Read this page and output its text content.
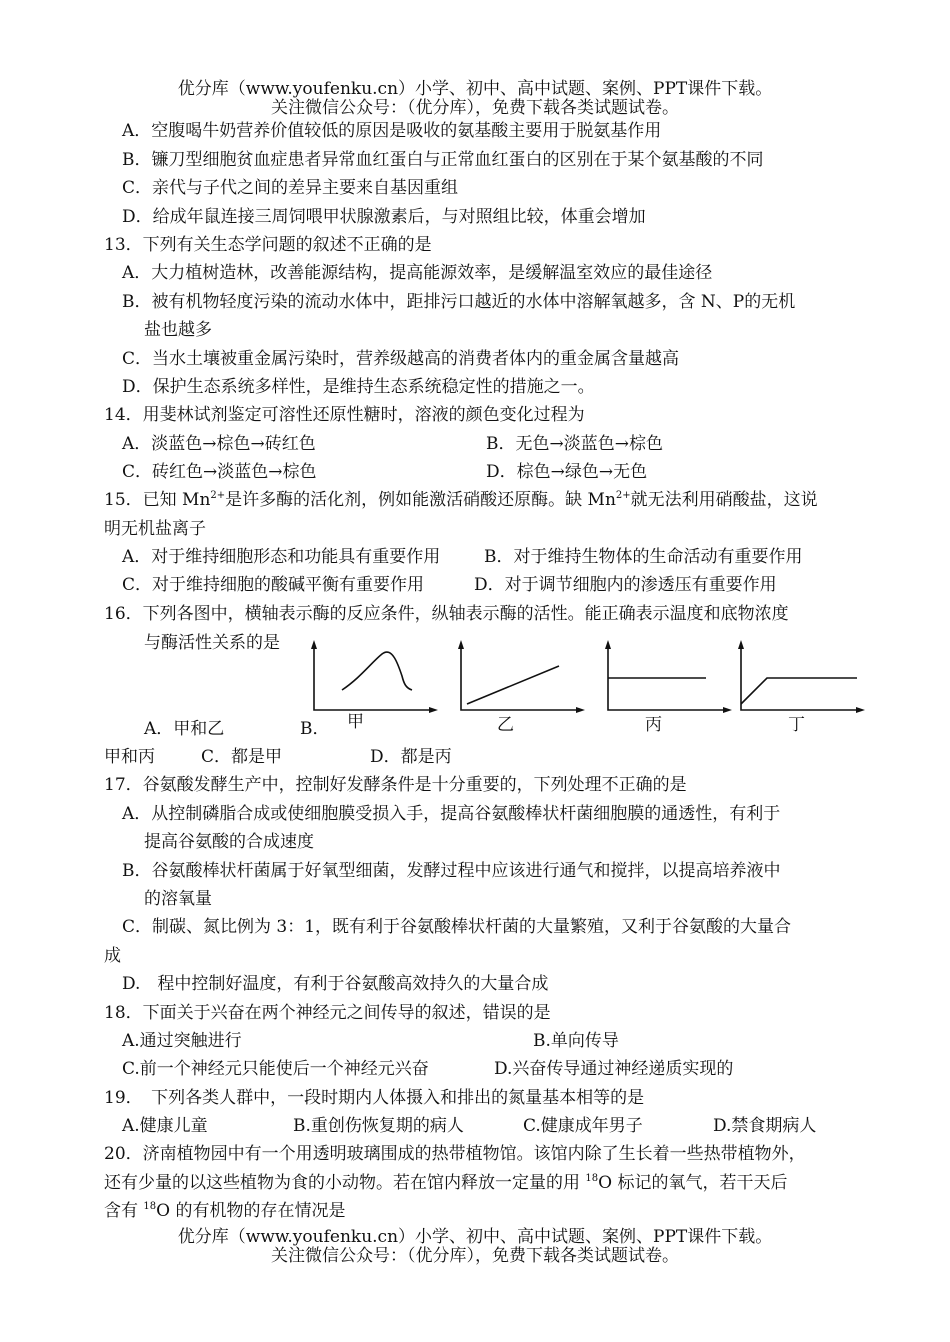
优分库（www.youfenku.cn）小学、初中、高中试题、案例、PPT课件下载。
关注微信公众号：（优分库），免费下载各类试题试卷。
A．空腹喝牛奶营养价值较低的原因是吸收的氨基酸主要用于脱氨基作用
B．镰刀型细胞贫血症患者异常血红蛋白与正常血红蛋白的区别在于某个氨基酸的不同
C．亲代与子代之间的差异主要来自基因重组
D．给成年鼠连接三周饲喂甲状腺激素后，与对照组比较，体重会增加
13．下列有关生态学问题的叙述不正确的是
A．大力植树造林，改善能源结构，提高能源效率，是缓解温室效应的最佳途径
B．被有机物轻度污染的流动水体中，距排污口越近的水体中溶解氧越多，含 N、P的无机
盐也越多
C．当水土壤被重金属污染时，营养级越高的消费者体内的重金属含量越高
D．保护生态系统多样性，是维持生态系统稳定性的措施之一。
14．用斐林试剂鉴定可溶性还原性糖时，溶液的颜色变化过程为
A．淡蓝色→棕色→砖红色	B．无色→淡蓝色→棕色
C．砖红色→淡蓝色→棕色	D．棕色→绿色→无色
15．已知 $Mn^{2+}$是许多酶的活化剂，例如能激活硝酸还原酶。缺 $Mn^{2+}$就无法利用硝酸盐，这说
明无机盐离子
A．对于维持细胞形态和功能具有重要作用	B．对于维持生物体的生命活动有重要作用
C．对于维持细胞的酸碱平衡有重要作用	D．对于调节细胞内的渗透压有重要作用
16．下列各图中，横轴表示酶的反应条件，纵轴表示酶的活性。能正确表示温度和底物浓度
与酶活性关系的是
甲	乙	丙	丁
A．甲和乙	B．
甲和丙	C．都是甲	D．都是丙
17．谷氨酸发酵生产中，控制好发酵条件是十分重要的，下列处理不正确的是
A．从控制磷脂合成或使细胞膜受损入手，提高谷氨酸棒状杆菌细胞膜的通透性，有利于
提高谷氨酸的合成速度
B．谷氨酸棒状杆菌属于好氧型细菌，发酵过程中应该进行通气和搅拌，以提高培养液中
的溶氧量
C．制碳、氮比例为 3：1，既有利于谷氨酸棒状杆菌的大量繁殖，又利于谷氨酸的大量合
成
D.　程中控制好温度，有利于谷氨酸高效持久的大量合成
18．下面关于兴奋在两个神经元之间传导的叙述，错误的是
A.通过突触进行	B.单向传导
C.前一个神经元只能使后一个神经元兴奋	D.兴奋传导通过神经递质实现的
19．　下列各类人群中，一段时期内人体摄入和排出的氮量基本相等的是
A.健康儿童	B.重创伤恢复期的病人	C.健康成年男子	D.禁食期病人
20．济南植物园中有一个用透明玻璃围成的热带植物馆。该馆内除了生长着一些热带植物外，
还有少量的以这些植物为食的小动物。若在馆内释放一定量的用 $^{18}$O 标记的氧气，若干天后
含有 $^{18}$O 的有机物的存在情况是
优分库（www.youfenku.cn）小学、初中、高中试题、案例、PPT课件下载。
关注微信公众号：（优分库），免费下载各类试题试卷。
